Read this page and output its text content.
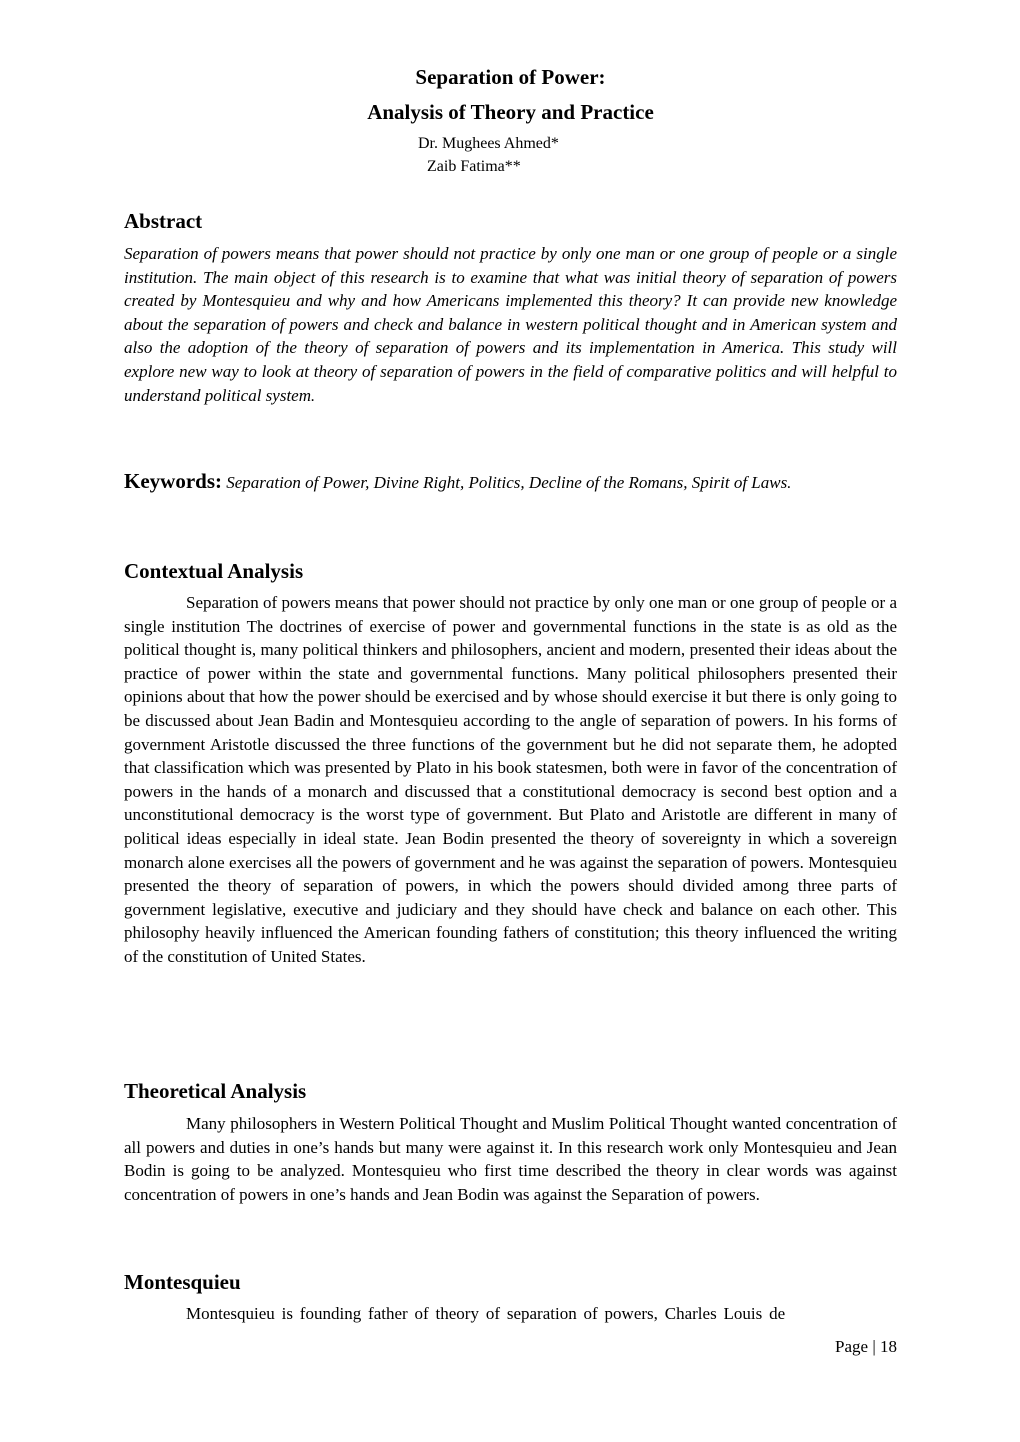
Separation of Power:
Analysis of Theory and Practice
Dr. Mughees Ahmed*
Zaib Fatima**
Abstract
Separation of powers means that power should not practice by only one man or one group of people or a single institution. The main object of this research is to examine that what was initial theory of separation of powers created by Montesquieu and why and how Americans implemented this theory? It can provide new knowledge about the separation of powers and check and balance in western political thought and in American system and also the adoption of the theory of separation of powers and its implementation in America. This study will explore new way to look at theory of separation of powers in the field of comparative politics and will helpful to understand political system.
Keywords: Separation of Power, Divine Right, Politics, Decline of the Romans, Spirit of Laws.
Contextual Analysis
Separation of powers means that power should not practice by only one man or one group of people or a single institution The doctrines of exercise of power and governmental functions in the state is as old as the political thought is, many political thinkers and philosophers, ancient and modern, presented their ideas about the practice of power within the state and governmental functions. Many political philosophers presented their opinions about that how the power should be exercised and by whose should exercise it but there is only going to be discussed about Jean Badin and Montesquieu according to the angle of separation of powers. In his forms of government Aristotle discussed the three functions of the government but he did not separate them, he adopted that classification which was presented by Plato in his book statesmen, both were in favor of the concentration of powers in the hands of a monarch and discussed that a constitutional democracy is second best option and a unconstitutional democracy is the worst type of government. But Plato and Aristotle are different in many of political ideas especially in ideal state. Jean Bodin presented the theory of sovereignty in which a sovereign monarch alone exercises all the powers of government and he was against the separation of powers. Montesquieu presented the theory of separation of powers, in which the powers should divided among three parts of government legislative, executive and judiciary and they should have check and balance on each other. This philosophy heavily influenced the American founding fathers of constitution; this theory influenced the writing of the constitution of United States.
Theoretical Analysis
Many philosophers in Western Political Thought and Muslim Political Thought wanted concentration of all powers and duties in one’s hands but many were against it. In this research work only Montesquieu and Jean Bodin is going to be analyzed. Montesquieu who first time described the theory in clear words was against concentration of powers in one’s hands and Jean Bodin was against the Separation of powers.
Montesquieu
Montesquieu is founding father of theory of separation of powers, Charles Louis de
Page | 18
